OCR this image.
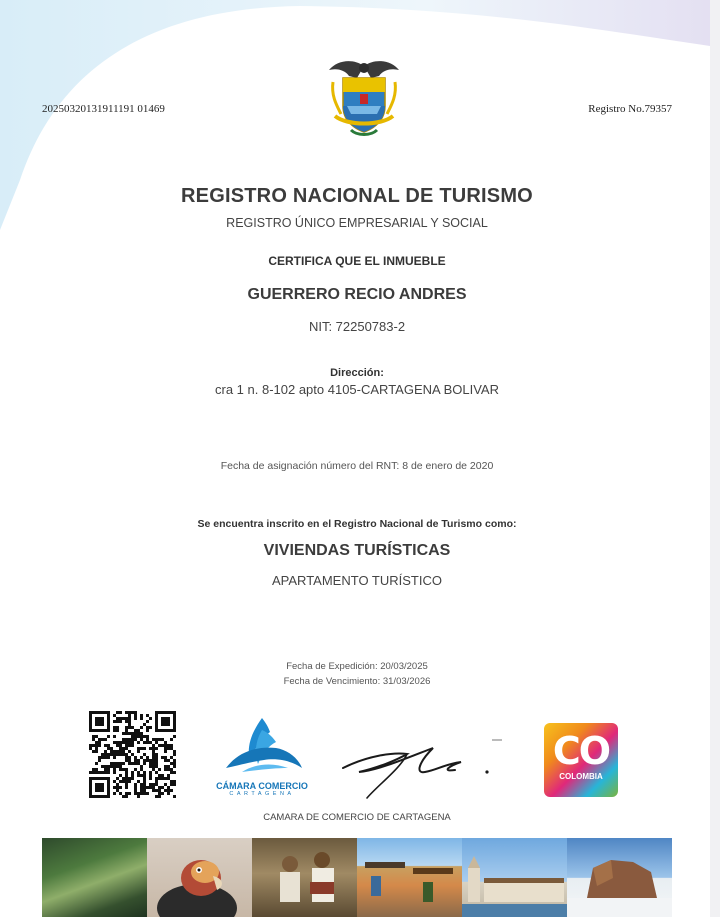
20250320131911191 01469	Registro No.79357
REGISTRO NACIONAL DE TURISMO
REGISTRO ÚNICO EMPRESARIAL Y SOCIAL
CERTIFICA QUE EL INMUEBLE
GUERRERO RECIO ANDRES
NIT: 72250783-2
Dirección:
cra 1 n. 8-102 apto 4105-CARTAGENA BOLIVAR
Fecha de asignación número del RNT: 8 de enero de 2020
Se encuentra inscrito en el Registro Nacional de Turismo como:
VIVIENDAS TURÍSTICAS
APARTAMENTO TURÍSTICO
Fecha de Expedición: 20/03/2025
Fecha de Vencimiento: 31/03/2026
CÁMARA COMERCIO
CARTAGENA
CO
COLOMBIA
CAMARA DE COMERCIO DE CARTAGENA
